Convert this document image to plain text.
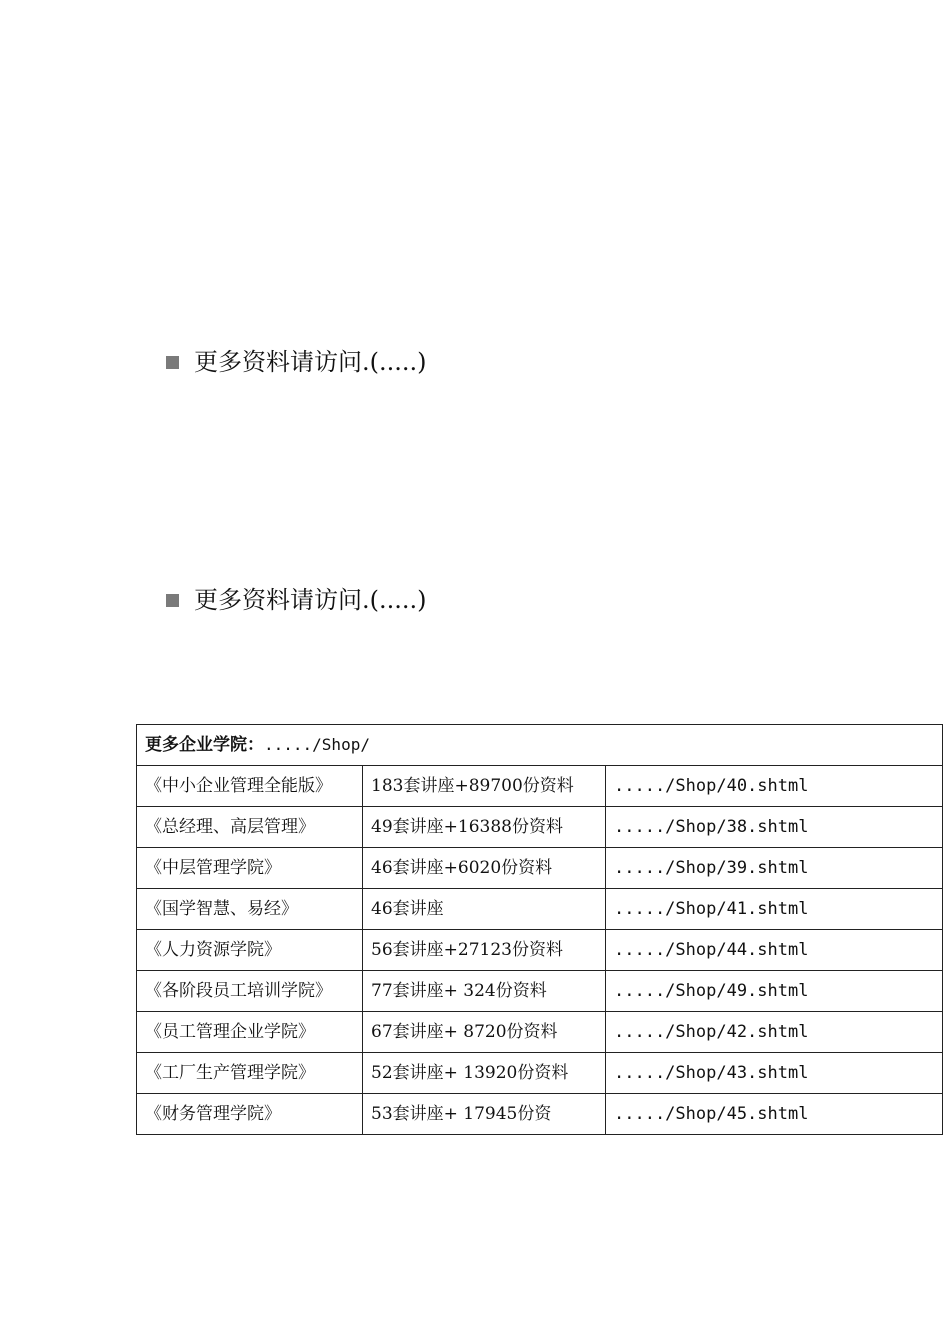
更多资料请访问.(.....)
更多资料请访问.(.....)
更多企业学院：...../Shop/		
《中小企业管理全能版》	183套讲座+89700份资料	...../Shop/40.shtml
《总经理、高层管理》	49套讲座+16388份资料	...../Shop/38.shtml
《中层管理学院》	46套讲座+6020份资料	...../Shop/39.shtml
《国学智慧、易经》	46套讲座	...../Shop/41.shtml
《人力资源学院》	56套讲座+27123份资料	...../Shop/44.shtml
《各阶段员工培训学院》	77套讲座+ 324份资料	...../Shop/49.shtml
《员工管理企业学院》	67套讲座+ 8720份资料	...../Shop/42.shtml
《工厂生产管理学院》	52套讲座+ 13920份资料	...../Shop/43.shtml
《财务管理学院》	53套讲座+ 17945份资	...../Shop/45.shtml
